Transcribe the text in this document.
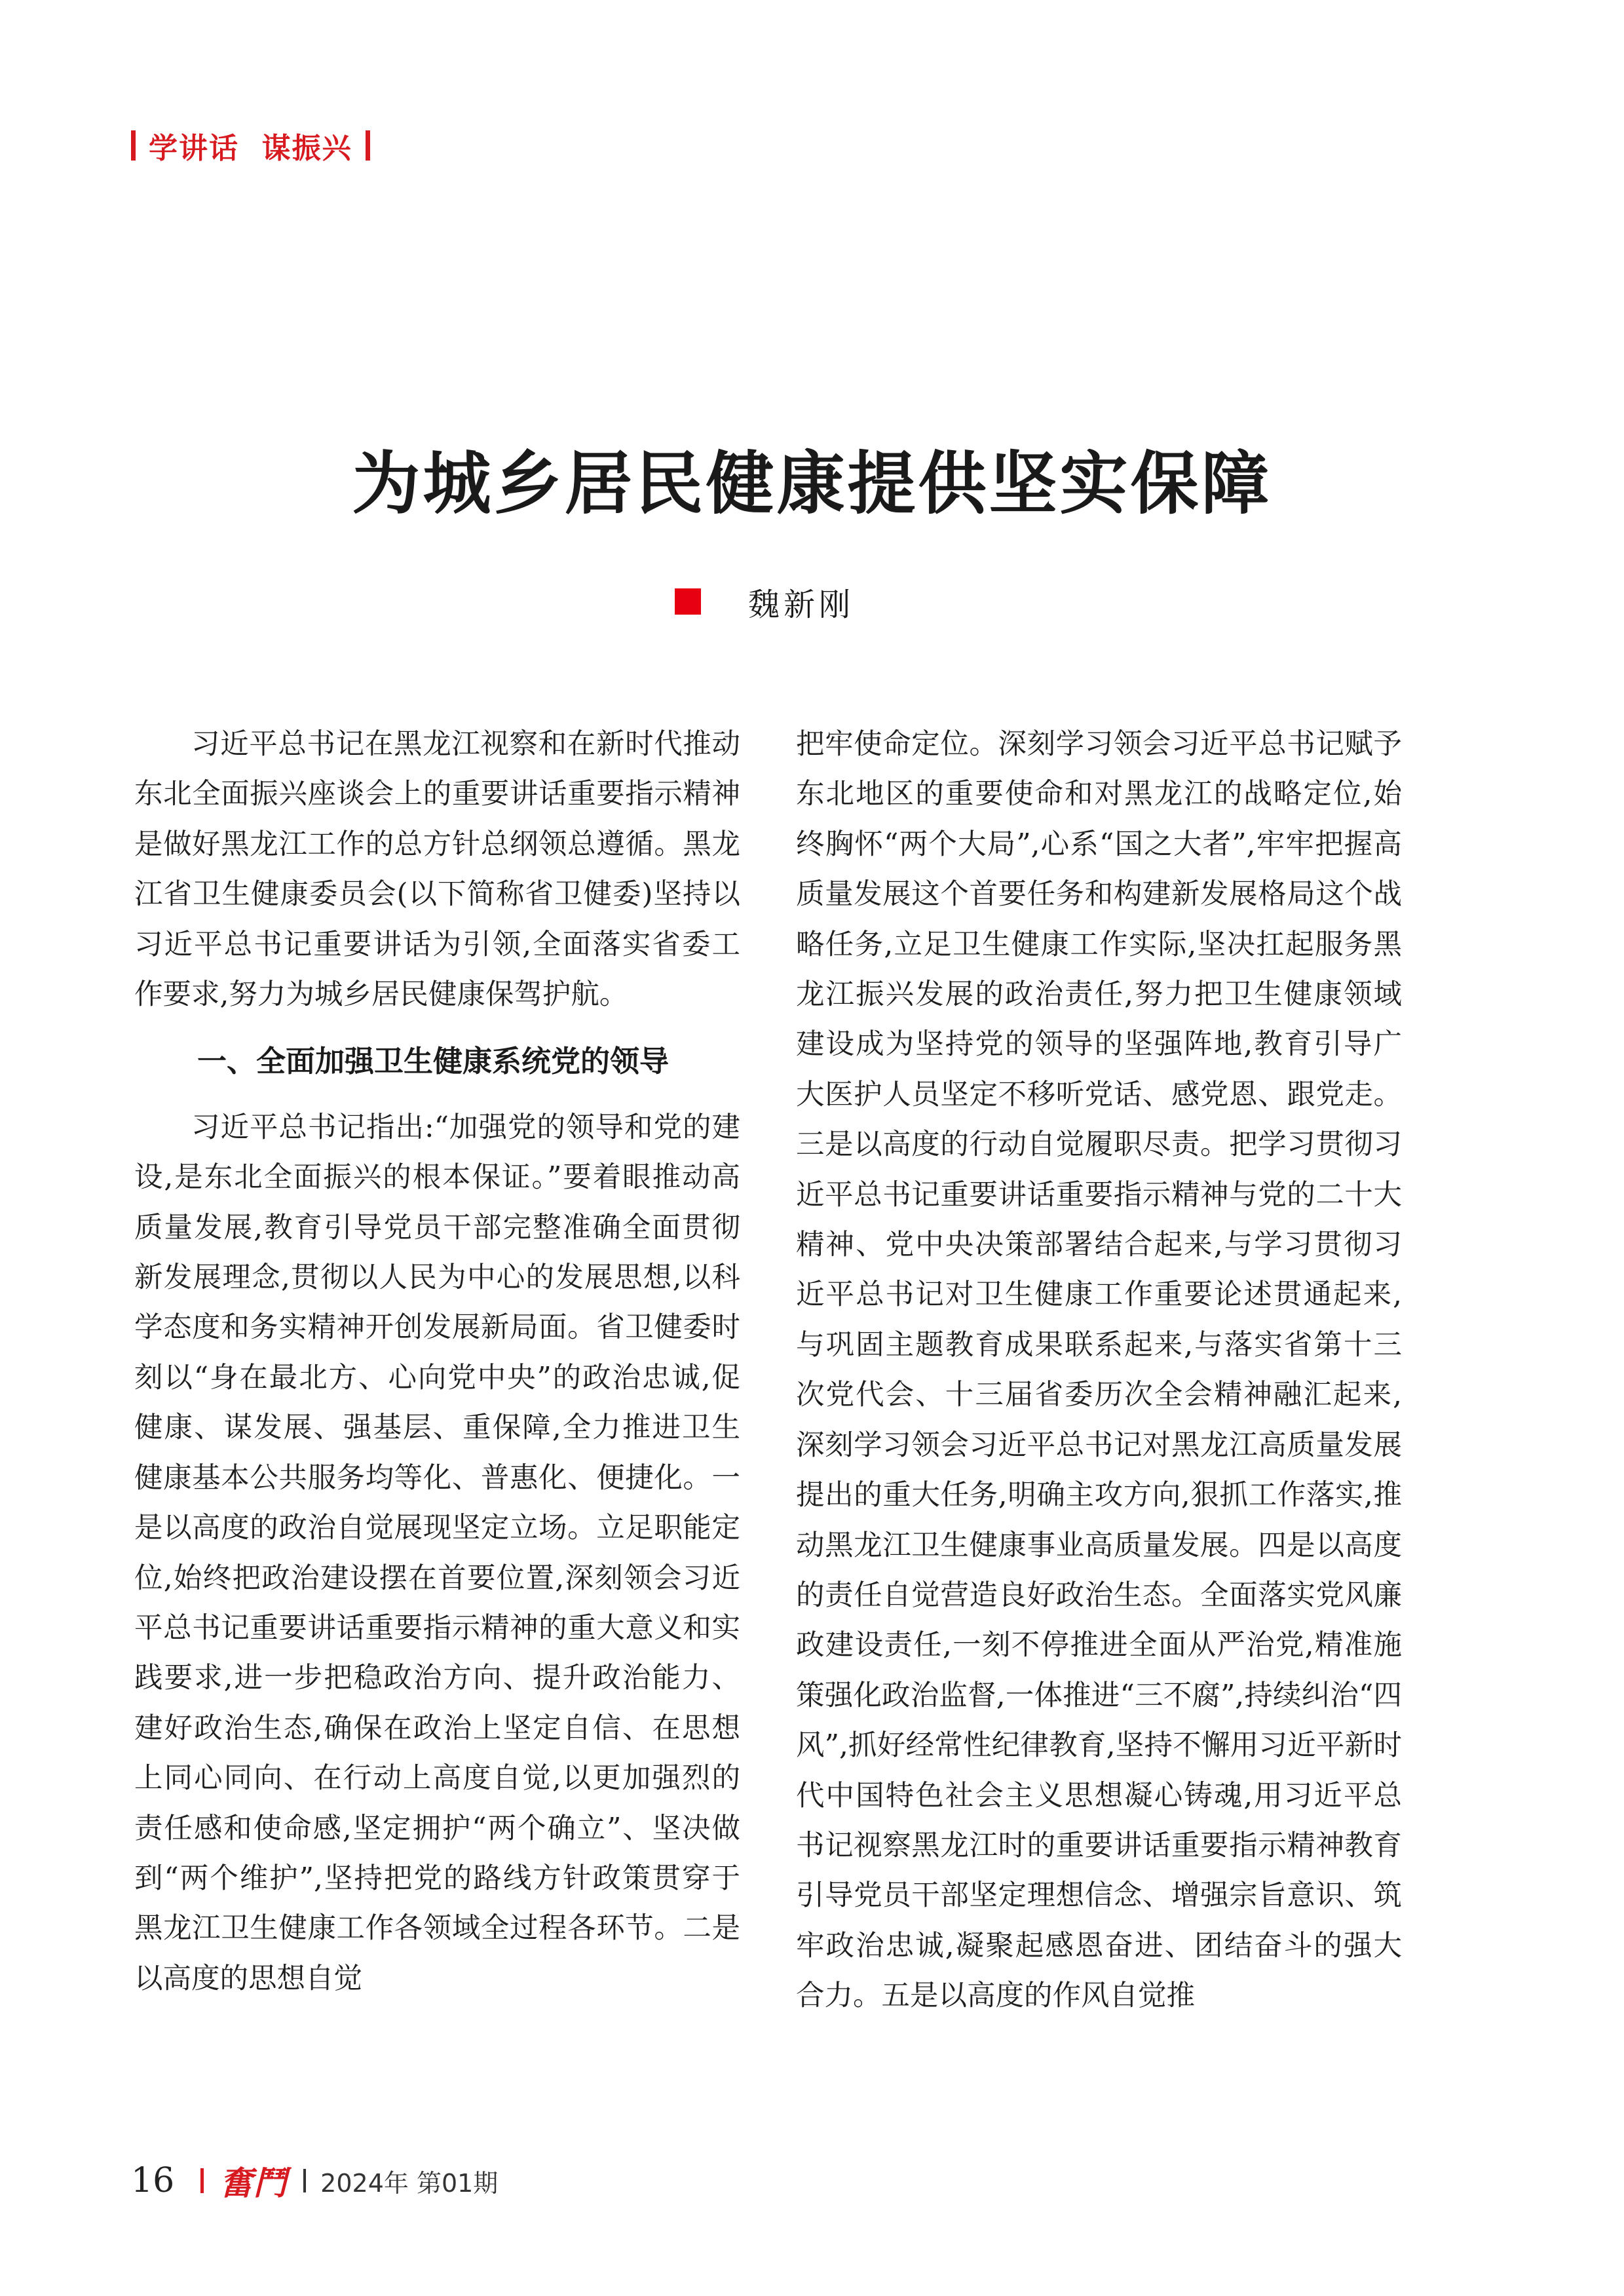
学讲话  谋振兴
为城乡居民健康提供坚实保障
魏新刚

习近平总书记在黑龙江视察和在新时代推动东北全面振兴座谈会上的重要讲话重要指示精神是做好黑龙江工作的总方针总纲领总遵循。黑龙江省卫生健康委员会(以下简称省卫健委)坚持以习近平总书记重要讲话为引领,全面落实省委工作要求,努力为城乡居民健康保驾护航。

一、全面加强卫生健康系统党的领导

习近平总书记指出:“加强党的领导和党的建设,是东北全面振兴的根本保证。”要着眼推动高质量发展,教育引导党员干部完整准确全面贯彻新发展理念,贯彻以人民为中心的发展思想,以科学态度和务实精神开创发展新局面。省卫健委时刻以“身在最北方、心向党中央”的政治忠诚,促健康、谋发展、强基层、重保障,全力推进卫生健康基本公共服务均等化、普惠化、便捷化。一是以高度的政治自觉展现坚定立场。立足职能定位,始终把政治建设摆在首要位置,深刻领会习近平总书记重要讲话重要指示精神的重大意义和实践要求,进一步把稳政治方向、提升政治能力、建好政治生态,确保在政治上坚定自信、在思想上同心同向、在行动上高度自觉,以更加强烈的责任感和使命感,坚定拥护“两个确立”、坚决做到“两个维护”,坚持把党的路线方针政策贯穿于黑龙江卫生健康工作各领域全过程各环节。二是以高度的思想自觉

把牢使命定位。深刻学习领会习近平总书记赋予东北地区的重要使命和对黑龙江的战略定位,始终胸怀“两个大局”,心系“国之大者”,牢牢把握高质量发展这个首要任务和构建新发展格局这个战略任务,立足卫生健康工作实际,坚决扛起服务黑龙江振兴发展的政治责任,努力把卫生健康领域建设成为坚持党的领导的坚强阵地,教育引导广大医护人员坚定不移听党话、感党恩、跟党走。三是以高度的行动自觉履职尽责。把学习贯彻习近平总书记重要讲话重要指示精神与党的二十大精神、党中央决策部署结合起来,与学习贯彻习近平总书记对卫生健康工作重要论述贯通起来,与巩固主题教育成果联系起来,与落实省第十三次党代会、十三届省委历次全会精神融汇起来,深刻学习领会习近平总书记对黑龙江高质量发展提出的重大任务,明确主攻方向,狠抓工作落实,推动黑龙江卫生健康事业高质量发展。四是以高度的责任自觉营造良好政治生态。全面落实党风廉政建设责任,一刻不停推进全面从严治党,精准施策强化政治监督,一体推进“三不腐”,持续纠治“四风”,抓好经常性纪律教育,坚持不懈用习近平新时代中国特色社会主义思想凝心铸魂,用习近平总书记视察黑龙江时的重要讲话重要指示精神教育引导党员干部坚定理想信念、增强宗旨意识、筑牢政治忠诚,凝聚起感恩奋进、团结奋斗的强大合力。五是以高度的作风自觉推

16 奮鬥 2024年 第01期
